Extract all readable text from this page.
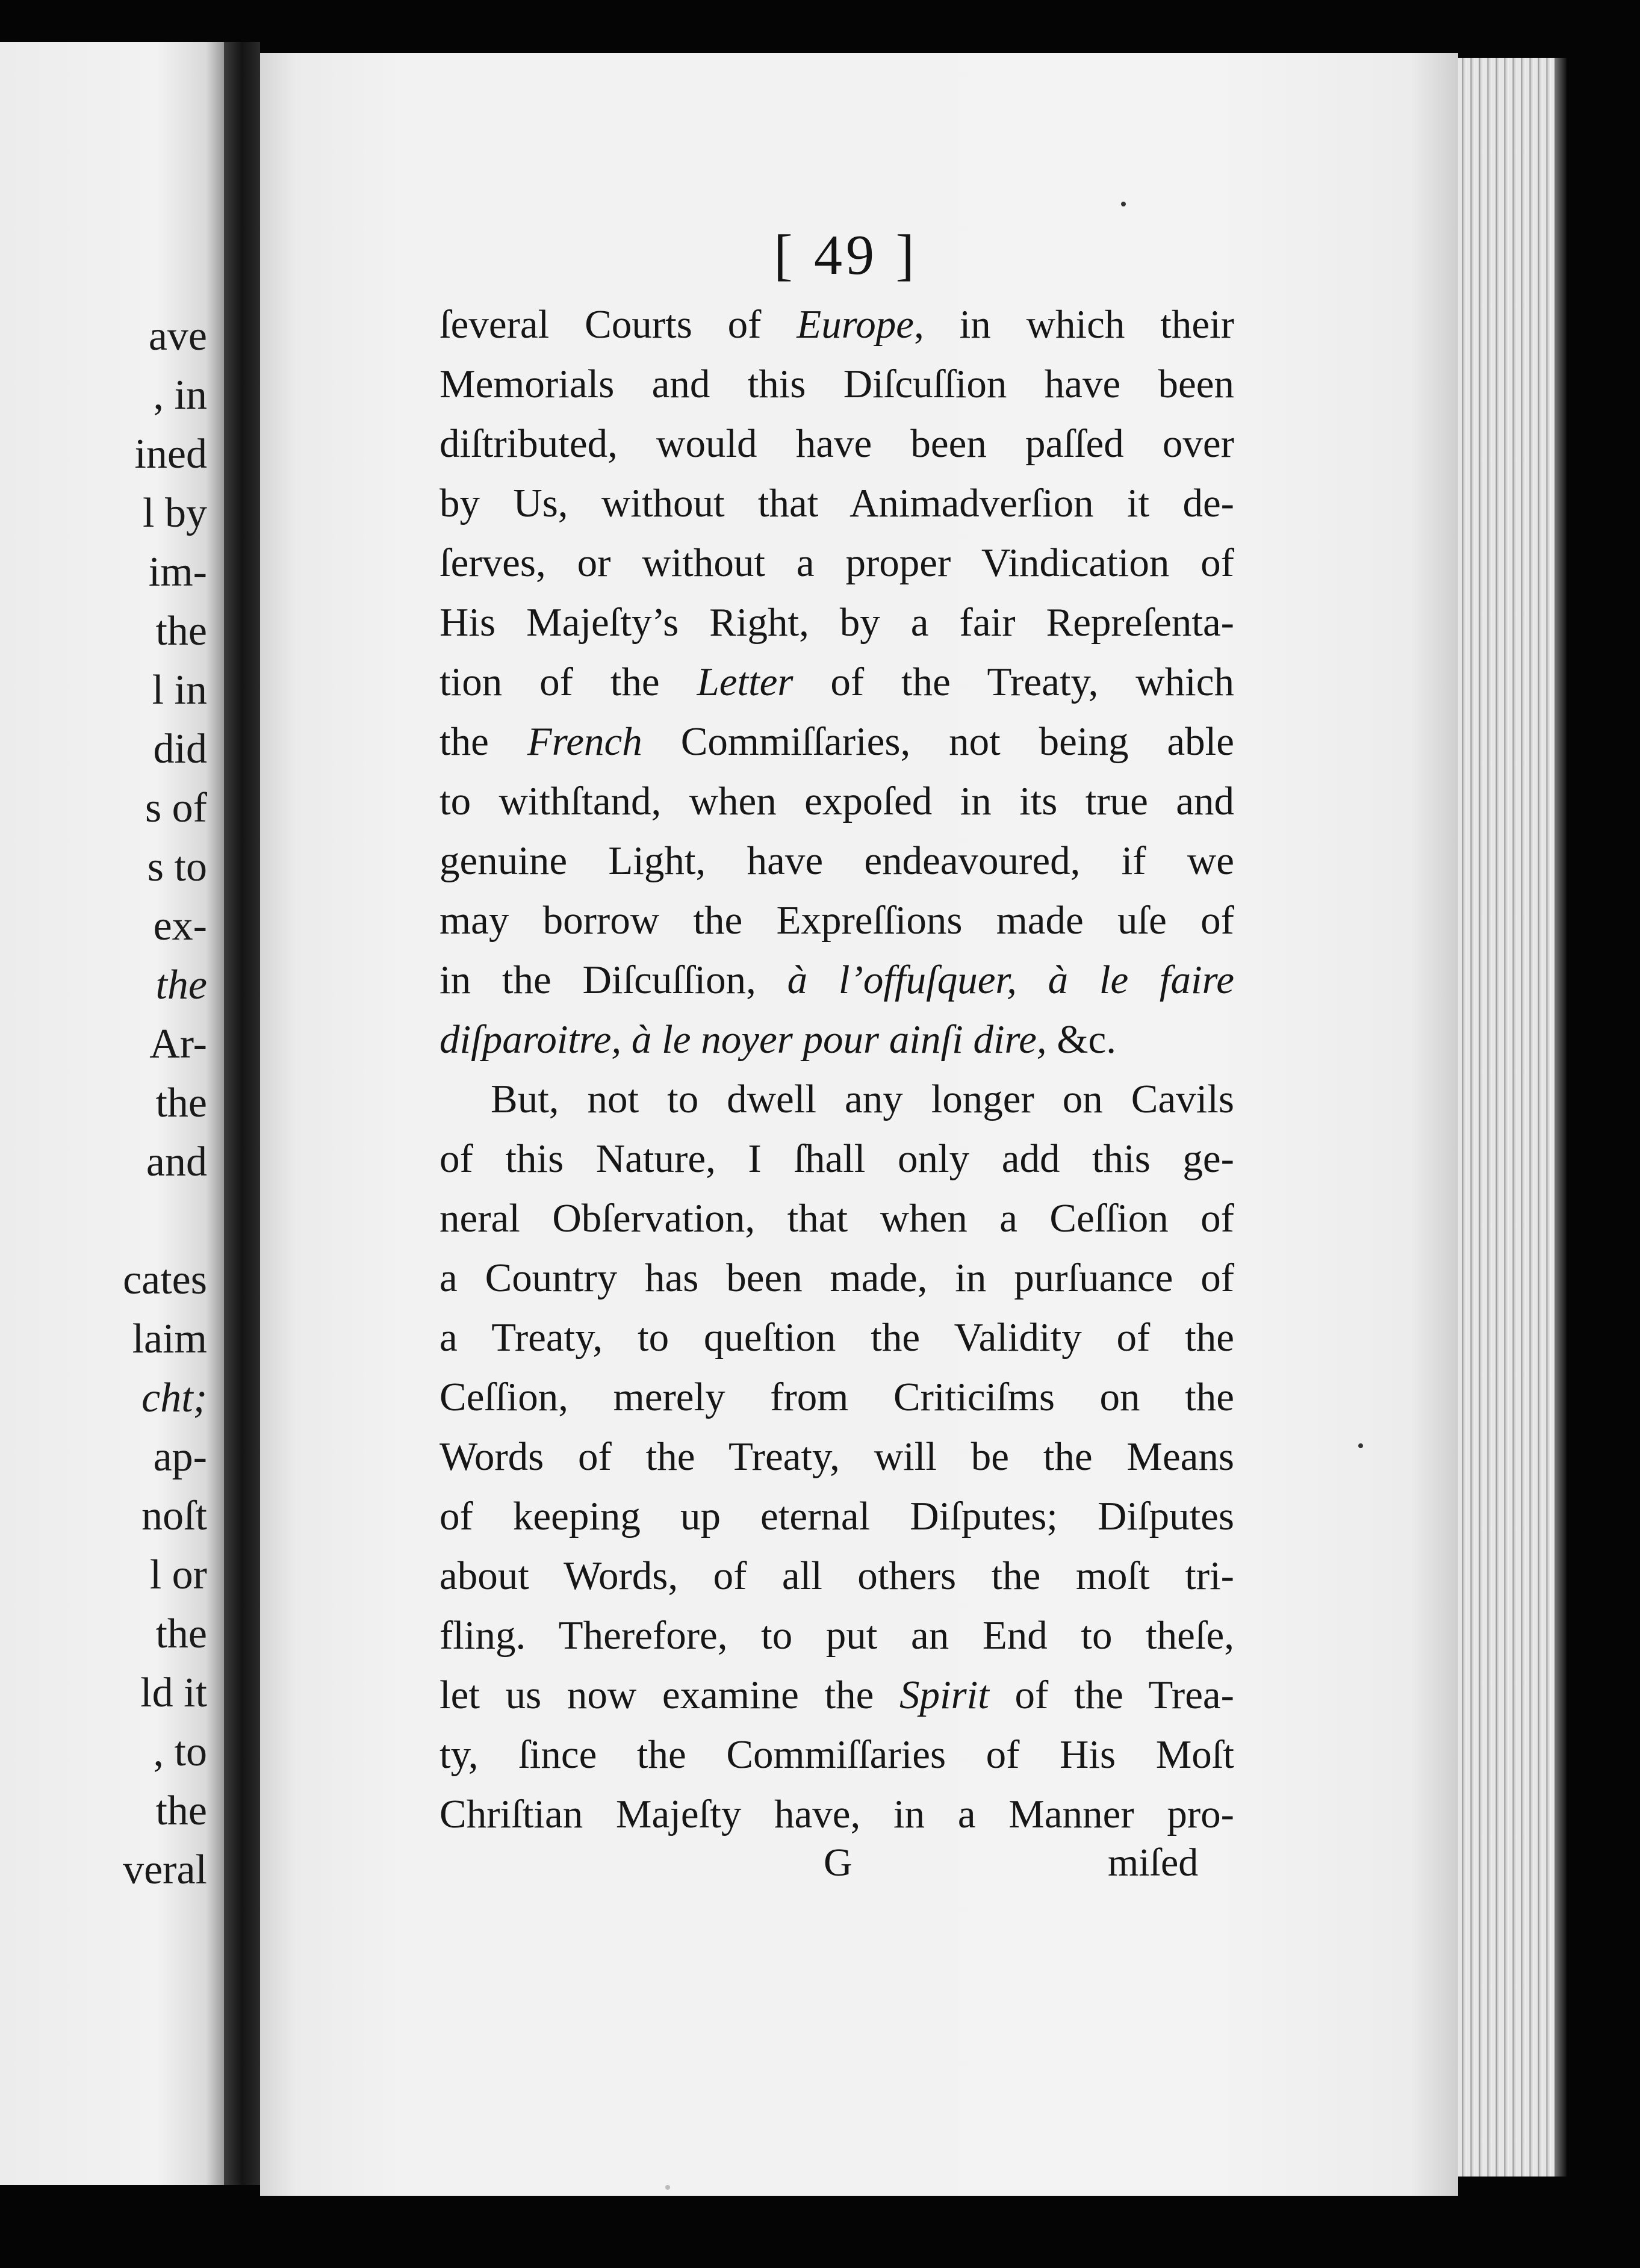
ave
, in
ined
l by
im-
the
l in
did
s of
s to
ex-
the
Ar-
the
and
cates
laim
cht;
ap-
noſt
l or
the
ld it
, to
the
veral
[ 49 ]
ſeveral Courts of Europe, in which their
Memorials and this Diſcuſſion have been
diſtributed, would have been paſſed over
by Us, without that Animadverſion it de-
ſerves, or without a proper Vindication of
His Majeſty’s Right, by a fair Repreſenta-
tion of the Letter of the Treaty, which
the French Commiſſaries, not being able
to withſtand, when expoſed in its true and
genuine Light, have endeavoured, if we
may borrow the Expreſſions made uſe of
in the Diſcuſſion, à l’offuſquer, à le faire
diſparoitre, à le noyer pour ainſi dire, &c.
But, not to dwell any longer on Cavils
of this Nature, I ſhall only add this ge-
neral Obſervation, that when a Ceſſion of
a Country has been made, in purſuance of
a Treaty, to queſtion the Validity of the
Ceſſion, merely from Criticiſms on the
Words of the Treaty, will be the Means
of keeping up eternal Diſputes; Diſputes
about Words, of all others the moſt tri-
fling. Therefore, to put an End to theſe,
let us now examine the Spirit of the Trea-
ty, ſince the Commiſſaries of His Moſt
Chriſtian Majeſty have, in a Manner pro-
G	miſed
